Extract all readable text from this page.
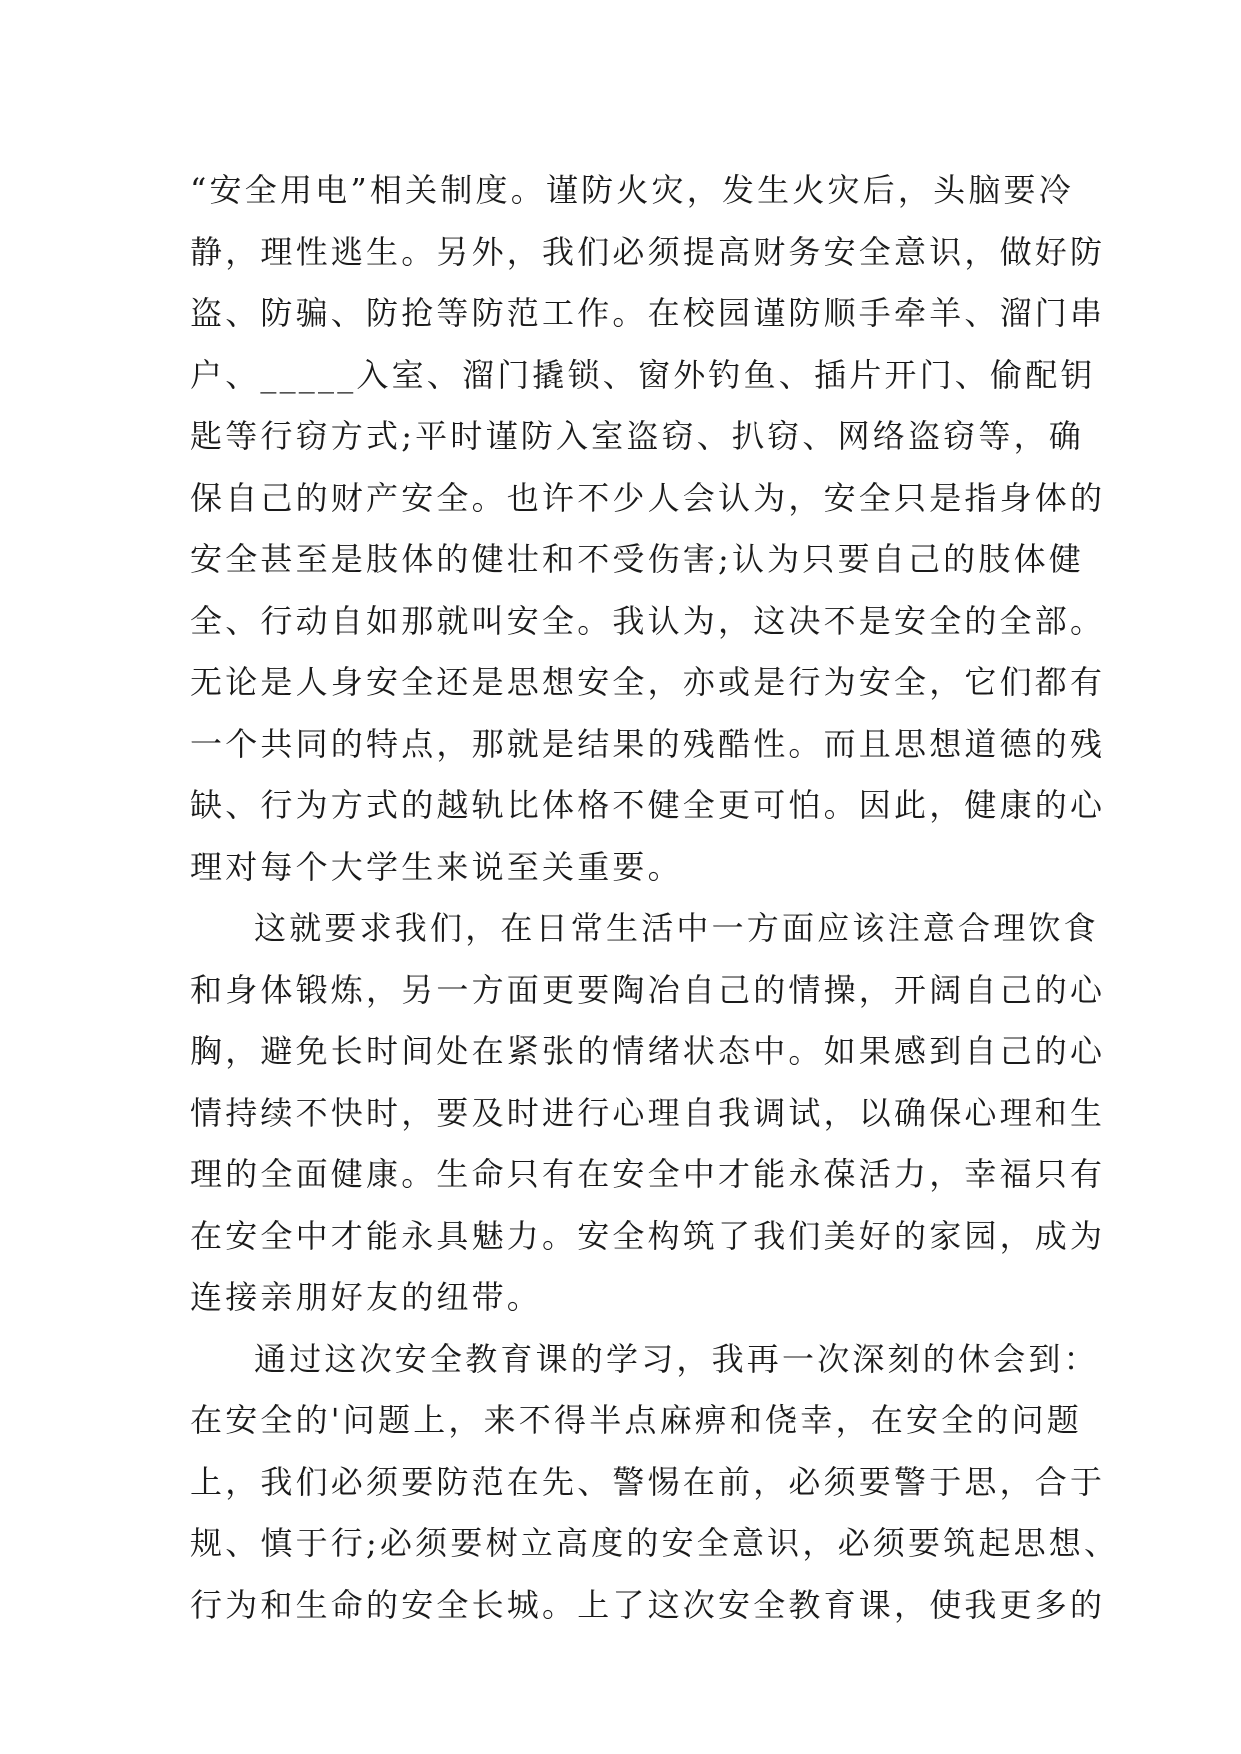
“安全用电”相关制度。谨防火灾，发生火灾后，头脑要冷
静，理性逃生。另外，我们必须提高财务安全意识，做好防
盗、防骗、防抢等防范工作。在校园谨防顺手牵羊、溜门串
户、_____入室、溜门撬锁、窗外钓鱼、插片开门、偷配钥
匙等行窃方式;平时谨防入室盗窃、扒窃、网络盗窃等，确
保自己的财产安全。也许不少人会认为，安全只是指身体的
安全甚至是肢体的健壮和不受伤害;认为只要自己的肢体健
全、行动自如那就叫安全。我认为，这决不是安全的全部。
无论是人身安全还是思想安全，亦或是行为安全，它们都有
一个共同的特点，那就是结果的残酷性。而且思想道德的残
缺、行为方式的越轨比体格不健全更可怕。因此，健康的心
理对每个大学生来说至关重要。
这就要求我们，在日常生活中一方面应该注意合理饮食
和身体锻炼，另一方面更要陶冶自己的情操，开阔自己的心
胸，避免长时间处在紧张的情绪状态中。如果感到自己的心
情持续不快时，要及时进行心理自我调试，以确保心理和生
理的全面健康。生命只有在安全中才能永葆活力，幸福只有
在安全中才能永具魅力。安全构筑了我们美好的家园，成为
连接亲朋好友的纽带。
通过这次安全教育课的学习，我再一次深刻的休会到：
在安全的'问题上，来不得半点麻痹和侥幸，在安全的问题
上，我们必须要防范在先、警惕在前，必须要警于思，合于
规、慎于行;必须要树立高度的安全意识，必须要筑起思想、
行为和生命的安全长城。上了这次安全教育课，使我更多的
